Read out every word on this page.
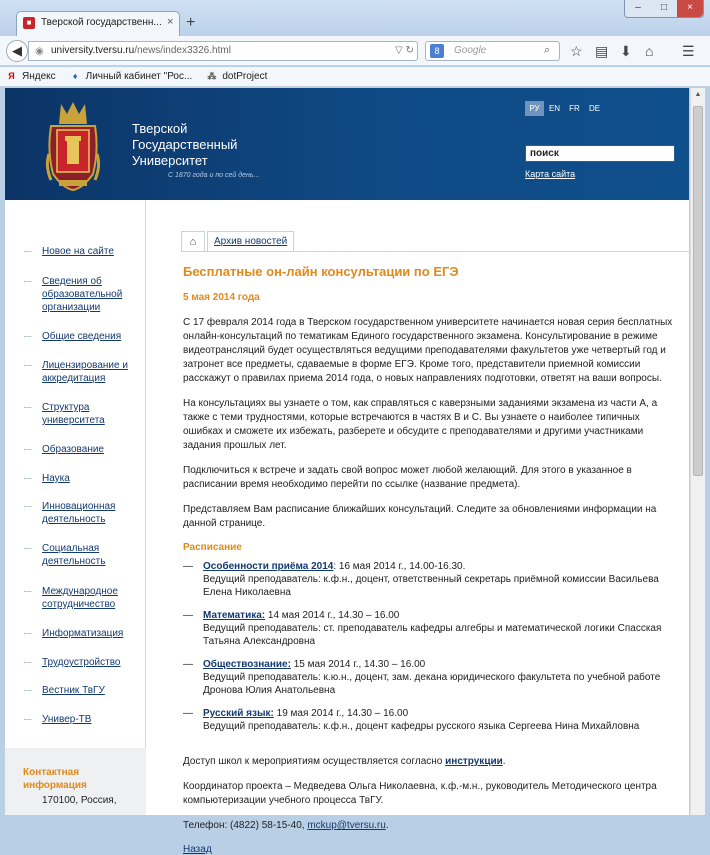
■ Тверской государственн... × +
–	□	×
◀	◉ university.tversu.ru/news/index3326.html	▽ ↻	8	Google	⌕ ☆ ▤ ⬇ ⌂ ☰
Я Яндекс	♦ Личный кабинет "Рос... ⁂ dotProject
Тверской
Государственный
Университет
С 1870 года и по сей день...
РУ	EN	FR	DE
поиск
Карта сайта
·····	Новое на сайте
·····	Сведения об образовательной организации
·····	Общие сведения
·····	Лицензирование и аккредитация
·····	Структура университета
·····	Образование
·····	Наука
·····	Инновационная деятельность
·····	Социальная деятельность
·····	Международное сотрудничество
·····	Информатизация
·····	Трудоустройство
·····	Вестник ТвГУ
·····	Универ-ТВ
Контактная информация
170100, Россия,
⌂	Архив новостей
Бесплатные он-лайн консультации по ЕГЭ
5 мая 2014 года

С 17 февраля 2014 года в Тверском государственном университете начинается новая серия бесплатных онлайн-консультаций по тематикам Единого государственного экзамена. Консультирование в режиме видеотрансляций будет осуществляться ведущими преподавателями факультетов уже четвертый год и затронет все предметы, сдаваемые в форме ЕГЭ. Кроме того, представители приемной комиссии расскажут о правилах приема 2014 года, о новых направлениях подготовки, ответят на ваши вопросы.

На консультациях вы узнаете о том, как справляться с каверзными заданиями экзамена из части А, а также с теми трудностями, которые встречаются в частях В и С. Вы узнаете о наиболее типичных ошибках и сможете их избежать, разберете и обсудите с преподавателями и другими участниками задания прошлых лет.

Подключиться к встрече и задать свой вопрос может любой желающий. Для этого в указанное в расписании время необходимо перейти по ссылке (название предмета).

Представляем Вам расписание ближайших консультаций. Следите за обновлениями информации на данной странице.

Расписание
—	Особенности приёма 2014: 16 мая 2014 г., 14.00-16.30.
Ведущий преподаватель: к.ф.н., доцент, ответственный секретарь приёмной комиссии Васильева Елена Николаевна
—	Математика: 14 мая 2014 г., 14.30 – 16.00
Ведущий преподаватель: ст. преподаватель кафедры алгебры и математической логики Спасская Татьяна Александровна
—	Обществознание: 15 мая 2014 г., 14.30 – 16.00
Ведущий преподаватель: к.ю.н., доцент, зам. декана юридического факультета по учебной работе Дронова Юлия Анатольевна
—	Русский язык: 19 мая 2014 г., 14.30 – 16.00
Ведущий преподаватель: к.ф.н., доцент кафедры русского языка Сергеева Нина Михайловна

Доступ школ к мероприятиям осуществляется согласно инструкции.

Координатор проекта – Медведева Ольга Николаевна, к.ф.-м.н., руководитель Методического центра компьютеризации учебного процесса ТвГУ.

Телефон: (4822) 58-15-40, mckup@tversu.ru.

Назад
▲
